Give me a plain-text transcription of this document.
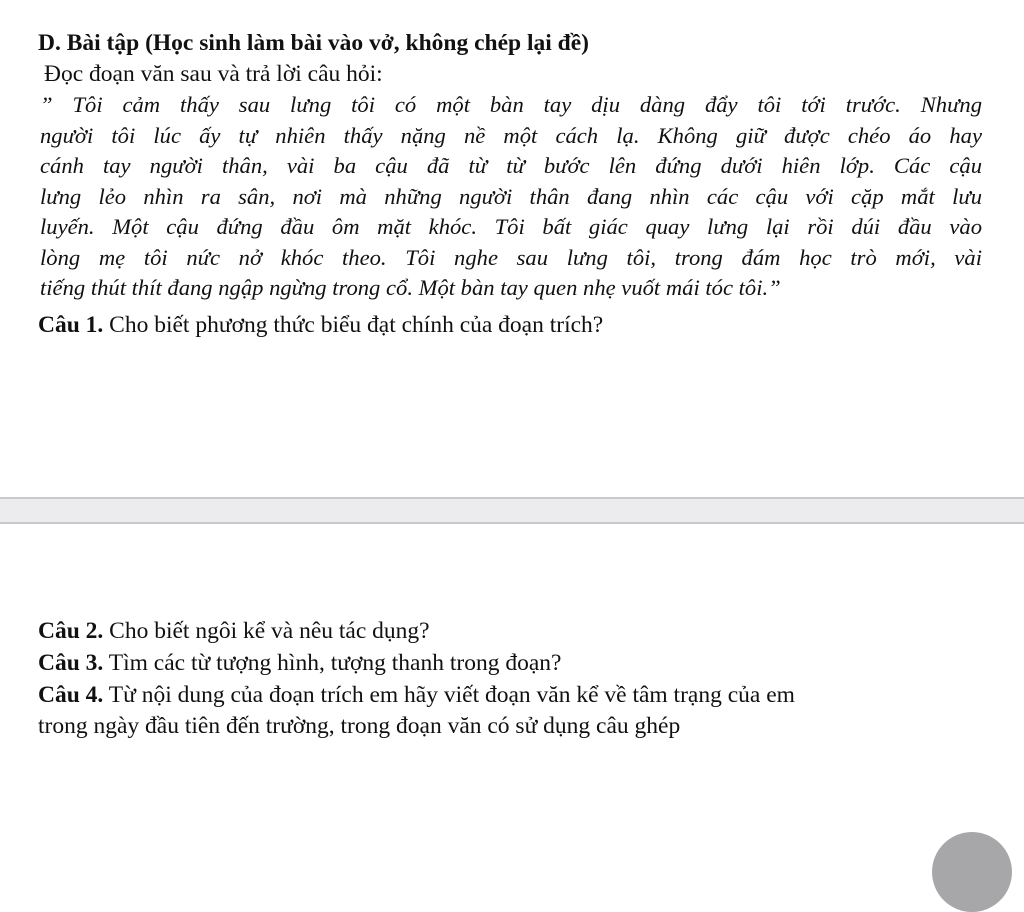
D. Bài tập (Học sinh làm bài vào vở, không chép lại đề)
Đọc đoạn văn sau và trả lời câu hỏi:
” Tôi cảm thấy sau lưng tôi có một bàn tay dịu dàng đẩy tôi tới trước. Nhưng
người tôi lúc ấy tự nhiên thấy nặng nề một cách lạ. Không giữ được chéo áo hay
cánh tay người thân, vài ba cậu đã từ từ bước lên đứng dưới hiên lớp. Các cậu
lưng lẻo nhìn ra sân, nơi mà những người thân đang nhìn các cậu với cặp mắt lưu
luyến. Một cậu đứng đầu ôm mặt khóc. Tôi bất giác quay lưng lại rồi dúi đầu vào
lòng mẹ tôi nức nở khóc theo. Tôi nghe sau lưng tôi, trong đám học trò mới, vài
tiếng thút thít đang ngập ngừng trong cổ. Một bàn tay quen nhẹ vuốt mái tóc tôi.”
Câu 1. Cho biết phương thức biểu đạt chính của đoạn trích?
Câu 2. Cho biết ngôi kể và nêu tác dụng?
Câu 3. Tìm các từ tượng hình, tượng thanh trong đoạn?
Câu 4. Từ nội dung của đoạn trích em hãy viết đoạn văn kể về tâm trạng của em
trong ngày đầu tiên đến trường, trong đoạn văn có sử dụng câu ghép
